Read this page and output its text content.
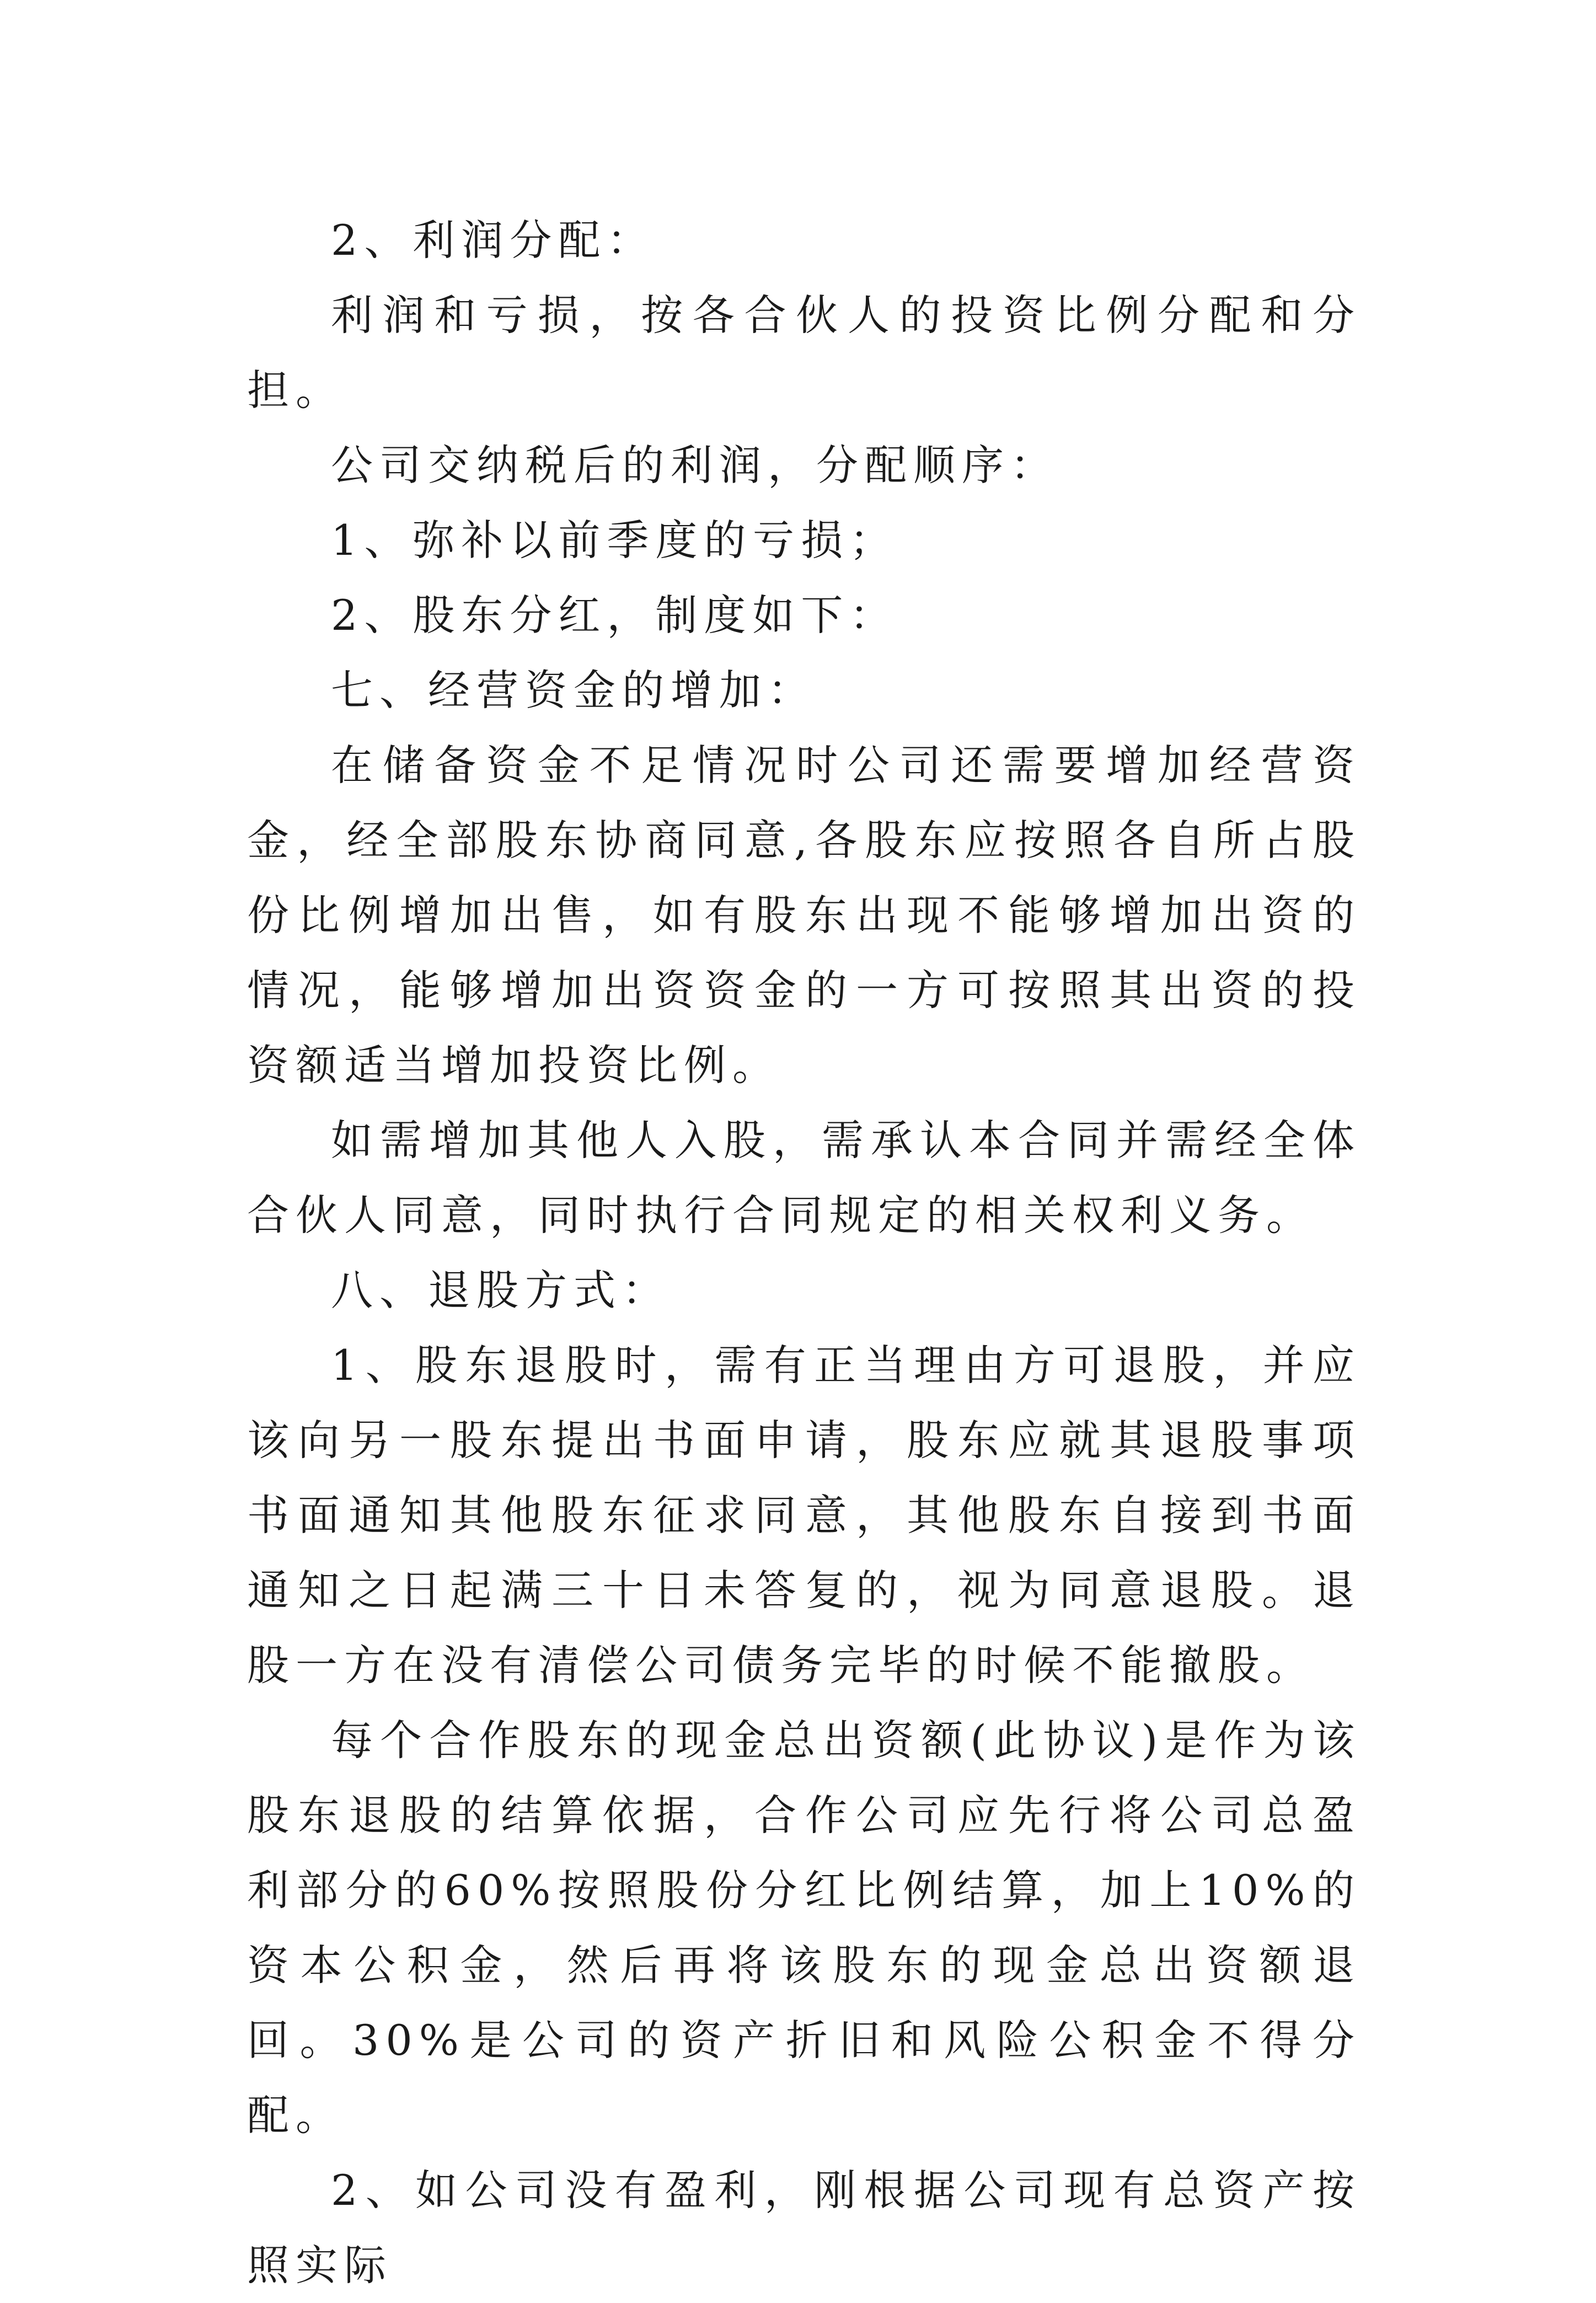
2、利润分配：

利润和亏损，按各合伙人的投资比例分配和分担。

公司交纳税后的利润，分配顺序：

1、弥补以前季度的亏损；

2、股东分红，制度如下：

七、经营资金的增加：

在储备资金不足情况时公司还需要增加经营资金，经全部股东协商同意,各股东应按照各自所占股份比例增加出售，如有股东出现不能够增加出资的情况，能够增加出资资金的一方可按照其出资的投资额适当增加投资比例。

如需增加其他人入股，需承认本合同并需经全体合伙人同意，同时执行合同规定的相关权利义务。

八、退股方式：

1、股东退股时，需有正当理由方可退股，并应该向另一股东提出书面申请，股东应就其退股事项书面通知其他股东征求同意，其他股东自接到书面通知之日起满三十日未答复的，视为同意退股。退股一方在没有清偿公司债务完毕的时候不能撤股。

每个合作股东的现金总出资额(此协议)是作为该股东退股的结算依据，合作公司应先行将公司总盈利部分的60%按照股份分红比例结算，加上10%的资本公积金，然后再将该股东的现金总出资额退回。30%是公司的资产折旧和风险公积金不得分配。

2、如公司没有盈利，刚根据公司现有总资产按照实际
